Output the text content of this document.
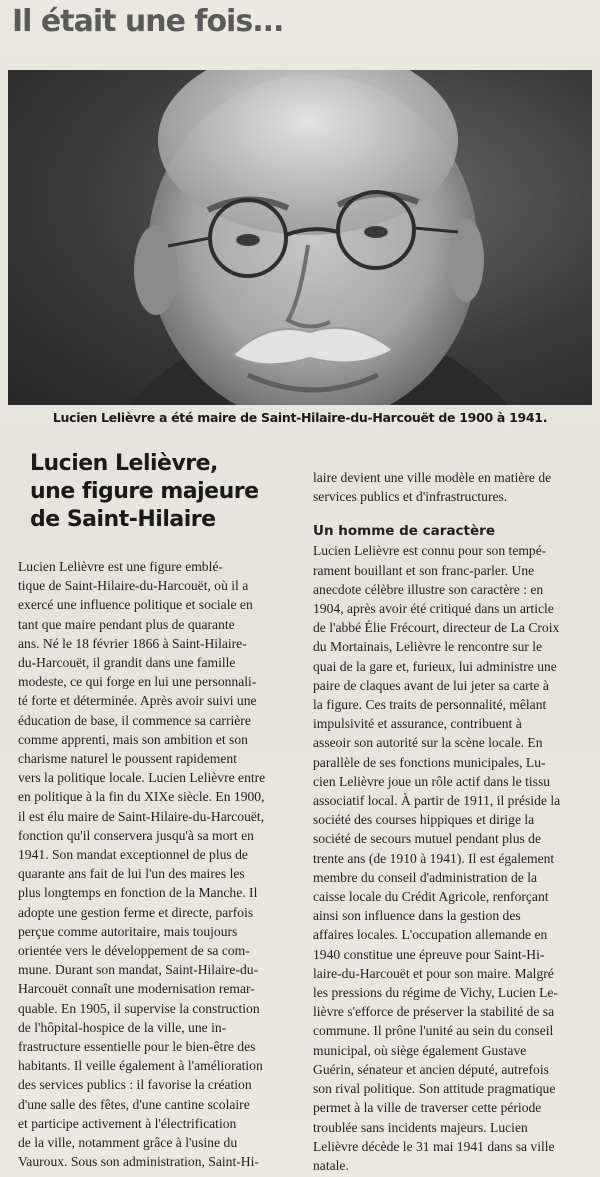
Il était une fois...
Lucien Lelièvre a été maire de Saint-Hilaire-du-Harcouët de 1900 à 1941.
Lucien Lelièvre,
une figure majeure
de Saint-Hilaire
Lucien Lelièvre est une figure emblé-
tique de Saint-Hilaire-du-Harcouët, où il a
exercé une influence politique et sociale en
tant que maire pendant plus de quarante
ans. Né le 18 février 1866 à Saint-Hilaire-
du-Harcouët, il grandit dans une famille
modeste, ce qui forge en lui une personnali-
té forte et déterminée. Après avoir suivi une
éducation de base, il commence sa carrière
comme apprenti, mais son ambition et son
charisme naturel le poussent rapidement
vers la politique locale. Lucien Lelièvre entre
en politique à la fin du XIXe siècle. En 1900,
il est élu maire de Saint-Hilaire-du-Harcouët,
fonction qu'il conservera jusqu'à sa mort en
1941. Son mandat exceptionnel de plus de
quarante ans fait de lui l'un des maires les
plus longtemps en fonction de la Manche. Il
adopte une gestion ferme et directe, parfois
perçue comme autoritaire, mais toujours
orientée vers le développement de sa com-
mune. Durant son mandat, Saint-Hilaire-du-
Harcouët connaît une modernisation remar-
quable. En 1905, il supervise la construction
de l'hôpital-hospice de la ville, une in-
frastructure essentielle pour le bien-être des
habitants. Il veille également à l'amélioration
des services publics : il favorise la création
d'une salle des fêtes, d'une cantine scolaire
et participe activement à l'électrification
de la ville, notamment grâce à l'usine du
Vauroux. Sous son administration, Saint-Hi-
laire devient une ville modèle en matière de
services publics et d'infrastructures.
Un homme de caractère
Lucien Lelièvre est connu pour son tempé-
rament bouillant et son franc-parler. Une
anecdote célèbre illustre son caractère : en
1904, après avoir été critiqué dans un article
de l'abbé Élie Frécourt, directeur de La Croix
du Mortainais, Lelièvre le rencontre sur le
quai de la gare et, furieux, lui administre une
paire de claques avant de lui jeter sa carte à
la figure. Ces traits de personnalité, mêlant
impulsivité et assurance, contribuent à
asseoir son autorité sur la scène locale. En
parallèle de ses fonctions municipales, Lu-
cien Lelièvre joue un rôle actif dans le tissu
associatif local. À partir de 1911, il préside la
société des courses hippiques et dirige la
société de secours mutuel pendant plus de
trente ans (de 1910 à 1941). Il est également
membre du conseil d'administration de la
caisse locale du Crédit Agricole, renforçant
ainsi son influence dans la gestion des
affaires locales. L'occupation allemande en
1940 constitue une épreuve pour Saint-Hi-
laire-du-Harcouët et pour son maire. Malgré
les pressions du régime de Vichy, Lucien Le-
lièvre s'efforce de préserver la stabilité de sa
commune. Il prône l'unité au sein du conseil
municipal, où siège également Gustave
Guérin, sénateur et ancien député, autrefois
son rival politique. Son attitude pragmatique
permet à la ville de traverser cette période
troublée sans incidents majeurs. Lucien
Lelièvre décède le 31 mai 1941 dans sa ville
natale.
